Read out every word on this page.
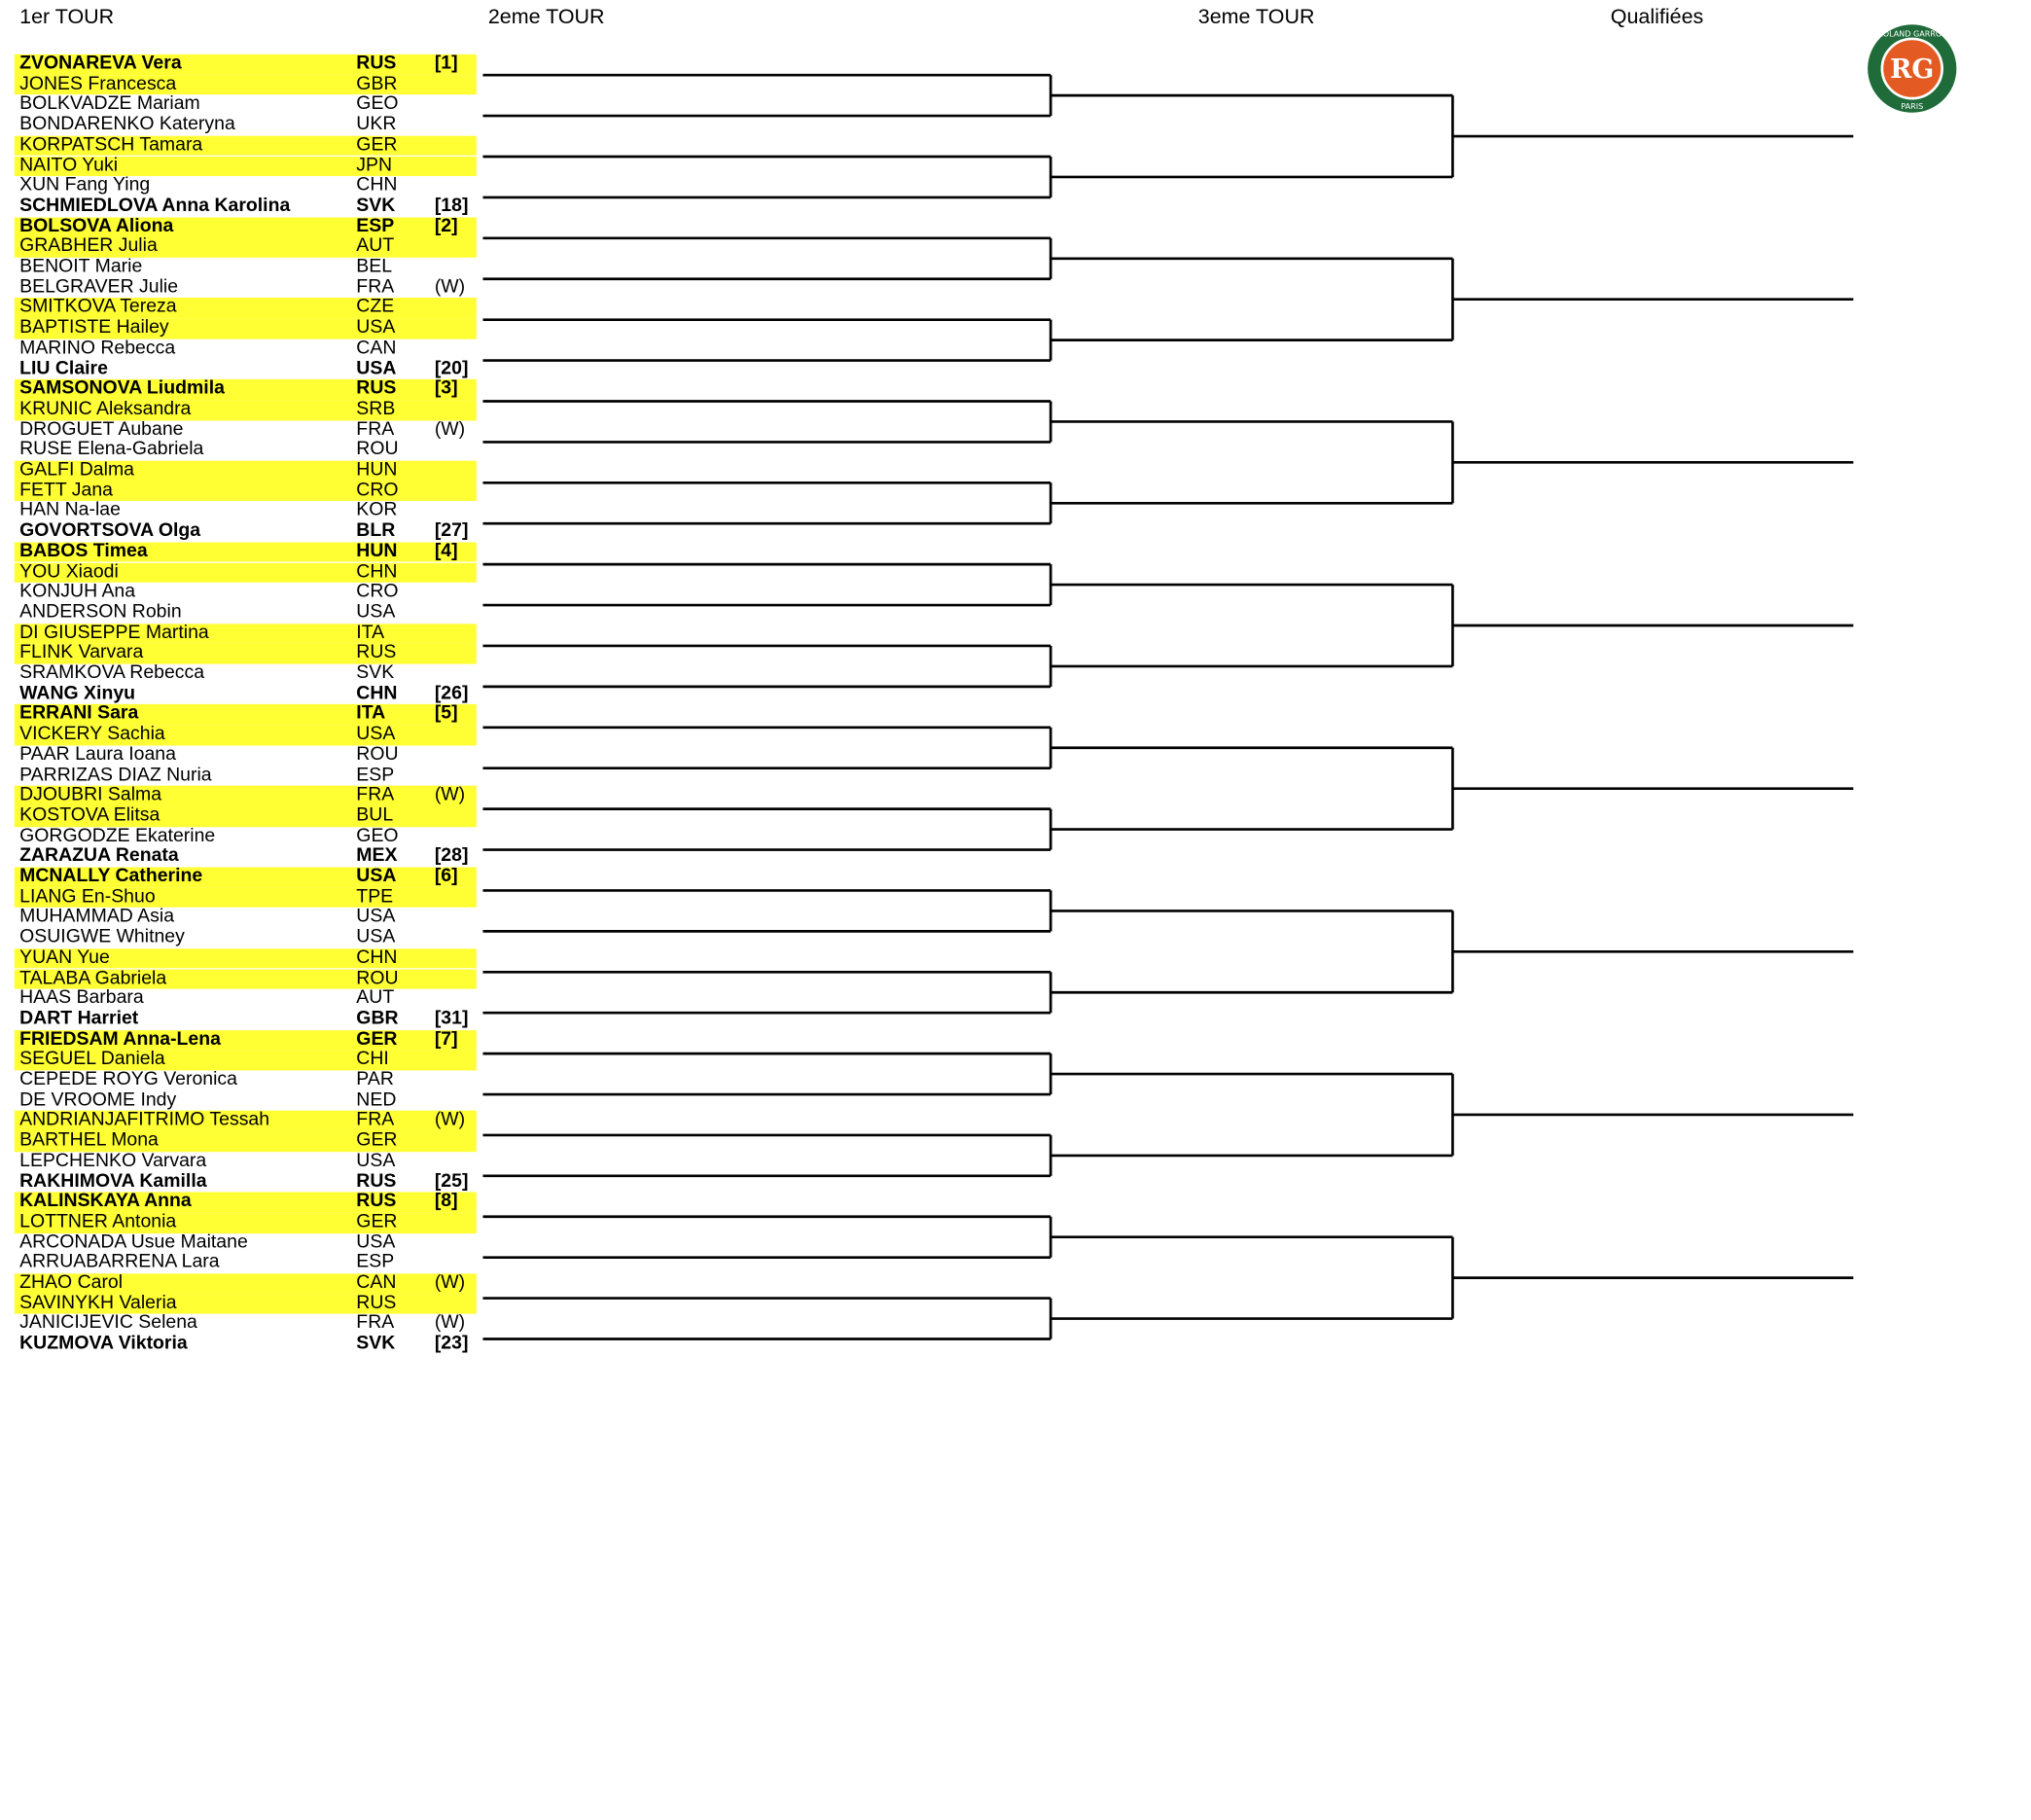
1er TOUR	2eme TOUR	3eme TOUR	Qualifiées
ZVONAREVA Vera	RUS	[1]
JONES Francesca	GBR
BOLKVADZE Mariam	GEO
BONDARENKO Kateryna	UKR
KORPATSCH Tamara	GER
NAITO Yuki	JPN
XUN Fang Ying	CHN
SCHMIEDLOVA Anna Karolina	SVK	[18]
BOLSOVA Aliona	ESP	[2]
GRABHER Julia	AUT
BENOIT Marie	BEL
BELGRAVER Julie	FRA	(W)
SMITKOVA Tereza	CZE
BAPTISTE Hailey	USA
MARINO Rebecca	CAN
LIU Claire	USA	[20]
SAMSONOVA Liudmila	RUS	[3]
KRUNIC Aleksandra	SRB
DROGUET Aubane	FRA	(W)
RUSE Elena-Gabriela	ROU
GALFI Dalma	HUN
FETT Jana	CRO
HAN Na-lae	KOR
GOVORTSOVA Olga	BLR	[27]
BABOS Timea	HUN	[4]
YOU Xiaodi	CHN
KONJUH Ana	CRO
ANDERSON Robin	USA
DI GIUSEPPE Martina	ITA
FLINK Varvara	RUS
SRAMKOVA Rebecca	SVK
WANG Xinyu	CHN	[26]
ERRANI Sara	ITA	[5]
VICKERY Sachia	USA
PAAR Laura Ioana	ROU
PARRIZAS DIAZ Nuria	ESP
DJOUBRI Salma	FRA	(W)
KOSTOVA Elitsa	BUL
GORGODZE Ekaterine	GEO
ZARAZUA Renata	MEX	[28]
MCNALLY Catherine	USA	[6]
LIANG En-Shuo	TPE
MUHAMMAD Asia	USA
OSUIGWE Whitney	USA
YUAN Yue	CHN
TALABA Gabriela	ROU
HAAS Barbara	AUT
DART Harriet	GBR	[31]
FRIEDSAM Anna-Lena	GER	[7]
SEGUEL Daniela	CHI
CEPEDE ROYG Veronica	PAR
DE VROOME Indy	NED
ANDRIANJAFITRIMO Tessah	FRA	(W)
BARTHEL Mona	GER
LEPCHENKO Varvara	USA
RAKHIMOVA Kamilla	RUS	[25]
KALINSKAYA Anna	RUS	[8]
LOTTNER Antonia	GER
ARCONADA Usue Maitane	USA
ARRUABARRENA Lara	ESP
ZHAO Carol	CAN	(W)
SAVINYKH Valeria	RUS
JANICIJEVIC Selena	FRA	(W)
KUZMOVA Viktoria	SVK	[23]
RG
ROLAND GARROS
PARIS
